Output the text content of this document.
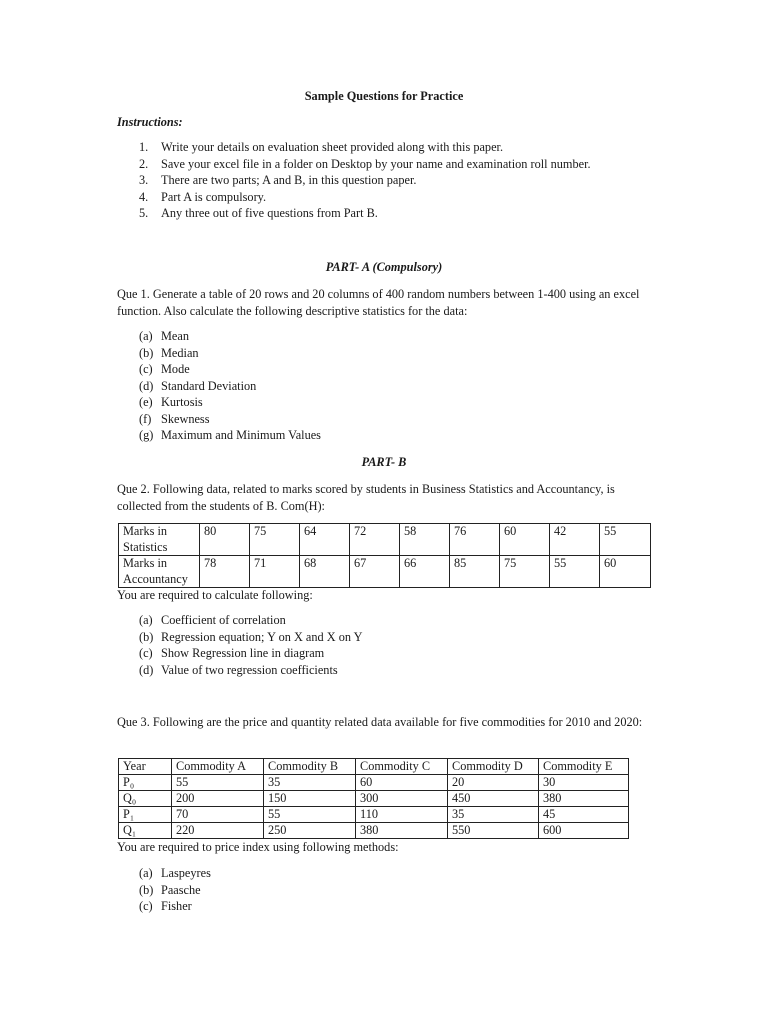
Sample Questions for Practice
Instructions:
1. Write your details on evaluation sheet provided along with this paper.
2. Save your excel file in a folder on Desktop by your name and examination roll number.
3. There are two parts; A and B, in this question paper.
4. Part A is compulsory.
5. Any three out of five questions from Part B.
PART- A (Compulsory)
Que 1. Generate a table of 20 rows and 20 columns of 400 random numbers between 1-400 using an excel function. Also calculate the following descriptive statistics for the data:
(a) Mean
(b) Median
(c) Mode
(d) Standard Deviation
(e) Kurtosis
(f) Skewness
(g) Maximum and Minimum Values
PART- B
Que 2. Following data, related to marks scored by students in Business Statistics and Accountancy, is collected from the students of B. Com(H):
Marks in Statistics	80	75	64	72	58	76	60	42	55
Marks in Accountancy	78	71	68	67	66	85	75	55	60
You are required to calculate following:
(a) Coefficient of correlation
(b) Regression equation; Y on X and X on Y
(c) Show Regression line in diagram
(d) Value of two regression coefficients
Que 3. Following are the price and quantity related data available for five commodities for 2010 and 2020:
Year	Commodity A	Commodity B	Commodity C	Commodity D	Commodity E
P₀	55	35	60	20	30
Q₀	200	150	300	450	380
P₁	70	55	110	35	45
Q₁	220	250	380	550	600
You are required to price index using following methods:
(a) Laspeyres
(b) Paasche
(c) Fisher
